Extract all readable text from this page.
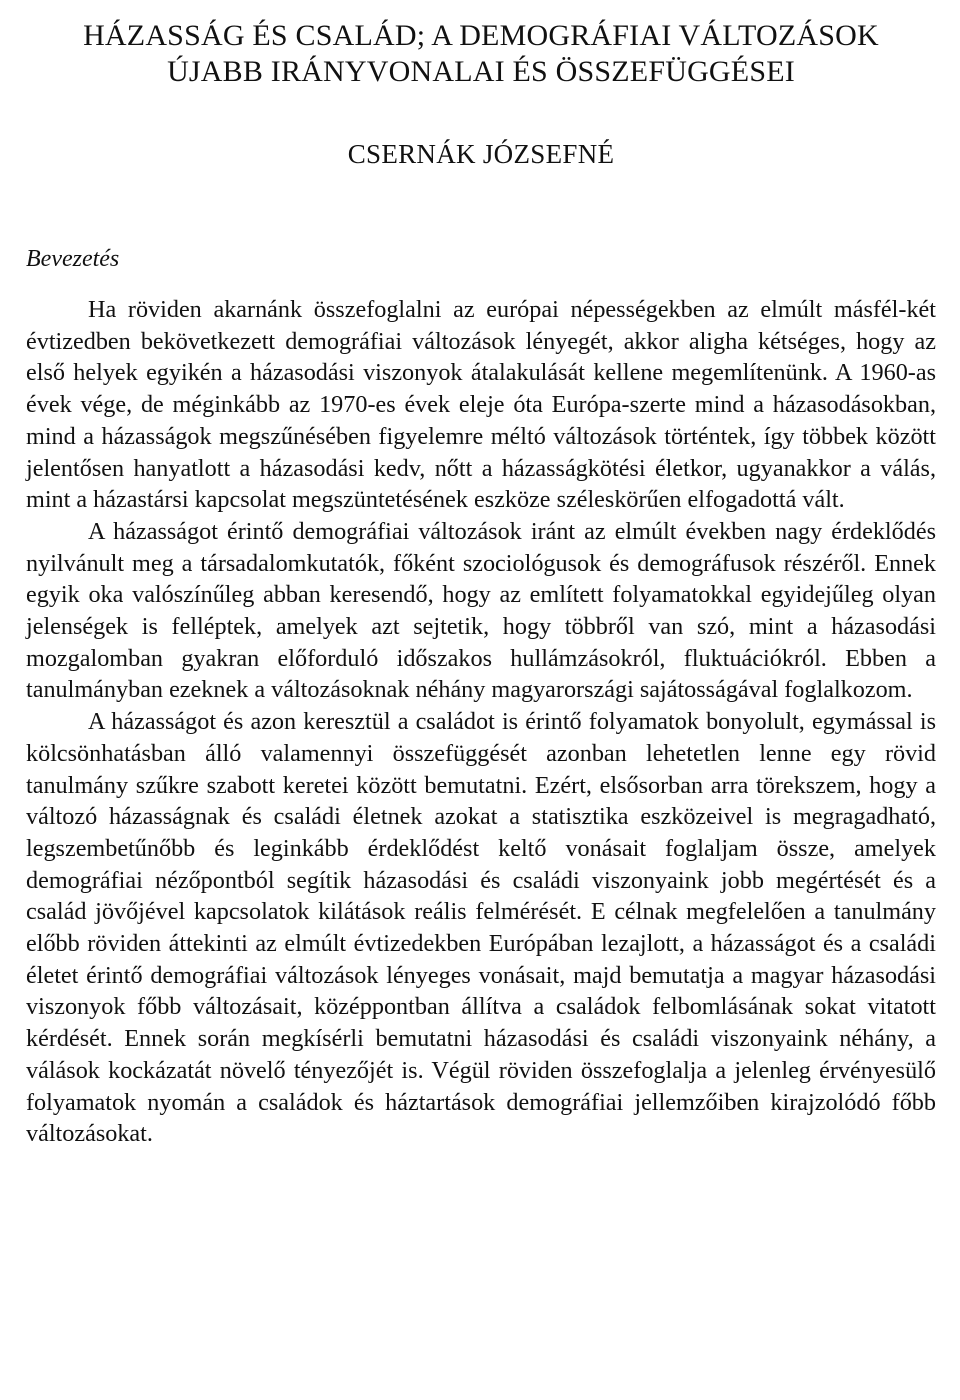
HÁZASSÁG ÉS CSALÁD; A DEMOGRÁFIAI VÁLTOZÁSOK
ÚJABB IRÁNYVONALAI ÉS ÖSSZEFÜGGÉSEI
CSERNÁK JÓZSEFNÉ
Bevezetés

Ha röviden akarnánk összefoglalni az európai népességekben az elmúlt másfél-két évtizedben bekövetkezett demográfiai változások lényegét, akkor aligha kétséges, hogy az első helyek egyikén a házasodási viszonyok átalakulását kellene megemlítenünk. A 1960-as évek vége, de méginkább az 1970-es évek eleje óta Európa-szerte mind a házasodásokban, mind a házasságok megszűnésében figyelemre méltó változások történtek, így többek között jelentősen hanyatlott a házasodási kedv, nőtt a házasságkötési életkor, ugyanakkor a válás, mint a házastársi kapcsolat megszüntetésének eszköze széleskörűen elfogadottá vált.

A házasságot érintő demográfiai változások iránt az elmúlt években nagy érdeklődés nyilvánult meg a társadalomkutatók, főként szociológusok és demográfusok részéről. Ennek egyik oka valószínűleg abban keresendő, hogy az említett folyamatokkal egyidejűleg olyan jelenségek is felléptek, amelyek azt sejtetik, hogy többről van szó, mint a házasodási mozgalomban gyakran előforduló időszakos hullámzásokról, fluktuációkról. Ebben a tanulmányban ezeknek a változásoknak néhány magyarországi sajátosságával foglalkozom.

A házasságot és azon keresztül a családot is érintő folyamatok bonyolult, egymással is kölcsönhatásban álló valamennyi összefüggését azonban lehetetlen lenne egy rövid tanulmány szűkre szabott keretei között bemutatni. Ezért, elsősorban arra törekszem, hogy a változó házasságnak és családi életnek azokat a statisztika eszközeivel is megragadható, legszembetűnőbb és leginkább érdeklődést keltő vonásait foglaljam össze, amelyek demográfiai nézőpontból segítik házasodási és családi viszonyaink jobb megértését és a család jövőjével kapcsolatok kilátások reális felmérését. E célnak megfelelően a tanulmány előbb röviden áttekinti az elmúlt évtizedekben Európában lezajlott, a házasságot és a családi életet érintő demográfiai változások lényeges vonásait, majd bemutatja a magyar házasodási viszonyok főbb változásait, középpontban állítva a családok felbomlásának sokat vitatott kérdését. Ennek során megkísérli bemutatni házasodási és családi viszonyaink néhány, a válások kockázatát növelő tényezőjét is. Végül röviden összefoglalja a jelenleg érvényesülő folyamatok nyomán a családok és háztartások demográfiai jellemzőiben kirajzolódó főbb változásokat.
